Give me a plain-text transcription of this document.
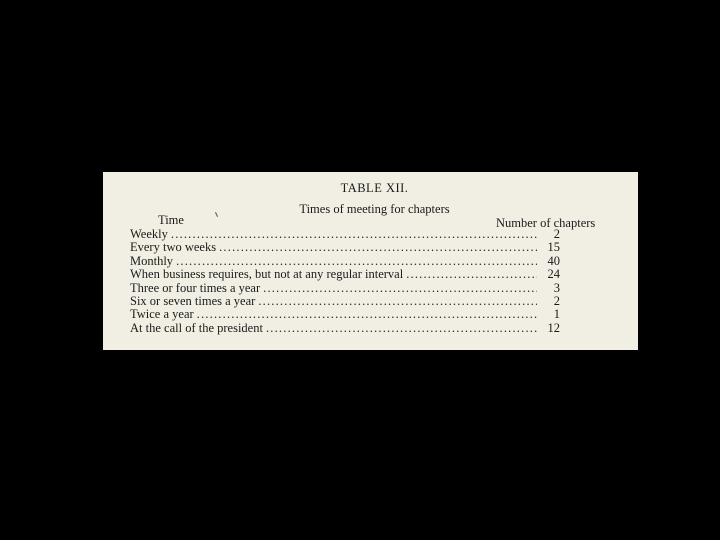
TABLE XII.
Times of meeting for chapters
Time	Number of chapters
Weekly .....	2
Every two weeks .....	15
Monthly .....	40
When business requires, but not at any regular interval .....	24
Three or four times a year .....	3
Six or seven times a year .....	2
Twice a year .....	1
At the call of the president .....	12
